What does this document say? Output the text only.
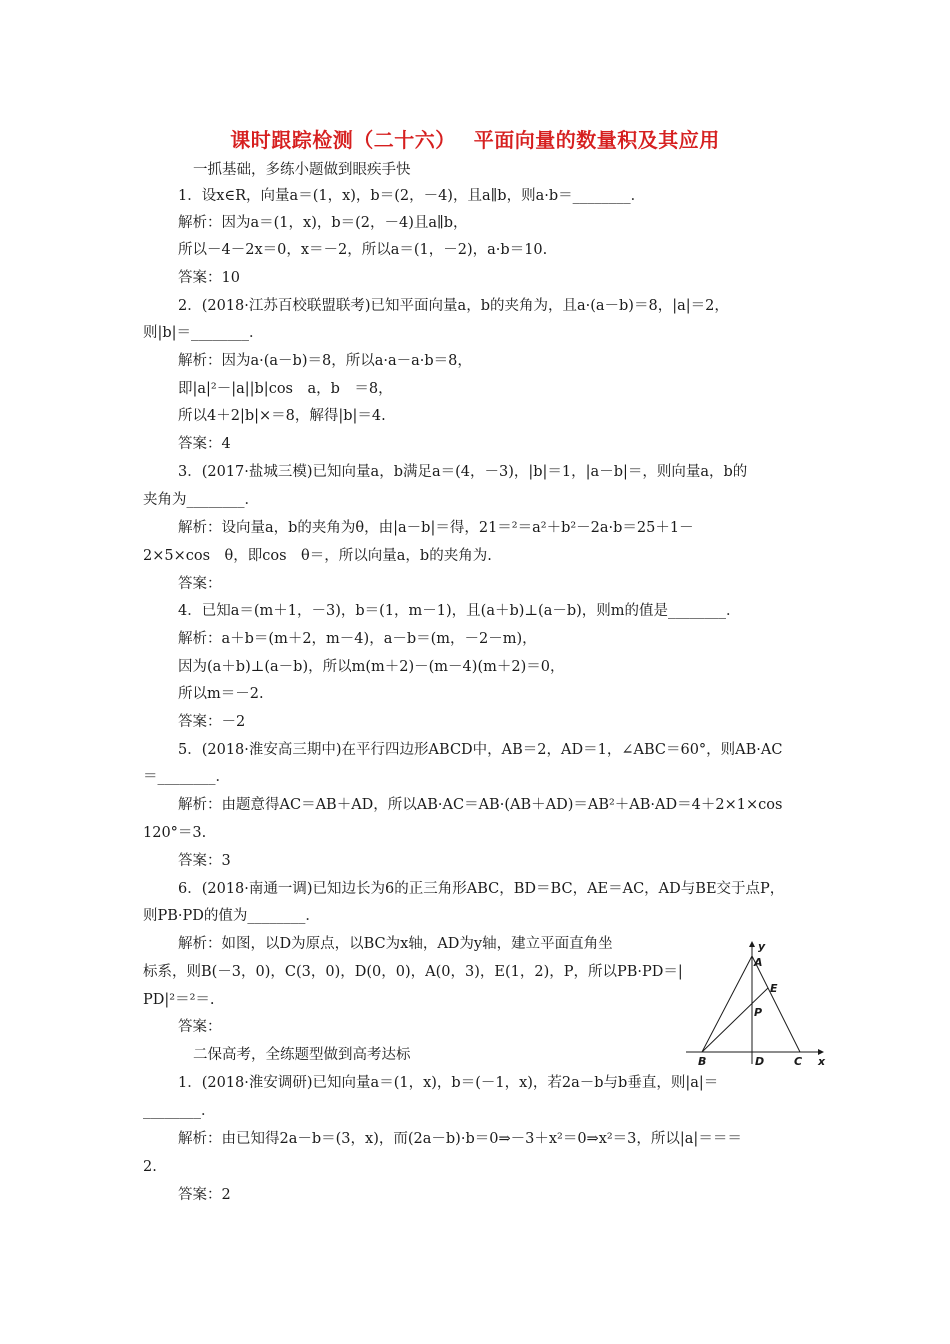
课时跟踪检测（二十六）　 平面向量的数量积及其应用
一抓基础，多练小题做到眼疾手快
1．设x∈R，向量a＝(1，x)，b＝(2，－4)，且a∥b，则a·b＝________．
解析：因为a＝(1，x)，b＝(2，－4)且a∥b，
所以－4－2x＝0，x＝－2，所以a＝(1，－2)，a·b＝10.
答案：10
2．(2018·江苏百校联盟联考)已知平面向量a，b的夹角为，且a·(a－b)＝8，|a|＝2，
则|b|＝________．
解析：因为a·(a－b)＝8，所以a·a－a·b＝8，
即|a|²－|a||b|cos　a，b　＝8，
所以4＋2|b|×＝8，解得|b|＝4.
答案：4
3．(2017·盐城三模)已知向量a，b满足a＝(4，－3)，|b|＝1，|a－b|＝，则向量a，b的
夹角为________．
解析：设向量a，b的夹角为θ，由|a－b|＝得，21＝²＝a²＋b²－2a·b＝25＋1－
2×5×cos　θ，即cos　θ＝，所以向量a，b的夹角为.
答案：
4．已知a＝(m＋1，－3)，b＝(1，m－1)，且(a＋b)⊥(a－b)，则m的值是________．
解析：a＋b＝(m＋2，m－4)，a－b＝(m，－2－m)，
因为(a＋b)⊥(a－b)，所以m(m＋2)－(m－4)(m＋2)＝0，
所以m＝－2.
答案：－2
5．(2018·淮安高三期中)在平行四边形ABCD中，AB＝2，AD＝1，∠ABC＝60°，则AB·AC
＝________．
解析：由题意得AC＝AB＋AD，所以AB·AC＝AB·(AB＋AD)＝AB²＋AB·AD＝4＋2×1×cos
120°＝3.
答案：3
6．(2018·南通一调)已知边长为6的正三角形ABC，BD＝BC，AE＝AC，AD与BE交于点P，
则PB·PD的值为________．
解析：如图，以D为原点，以BC为x轴，AD为y轴，建立平面直角坐
标系，则B(－3，0)，C(3，0)，D(0，0)，A(0，3)，E(1，2)，P，所以PB·PD＝|
PD|²＝²＝.
答案：
二保高考，全练题型做到高考达标
1．(2018·淮安调研)已知向量a＝(1，x)，b＝(－1，x)，若2a－b与b垂直，则|a|＝
________．
解析：由已知得2a－b＝(3，x)，而(2a－b)·b＝0⇒－3＋x²＝0⇒x²＝3，所以|a|＝＝＝
2.
答案：2
y
x
A
E
P
B	D	C
